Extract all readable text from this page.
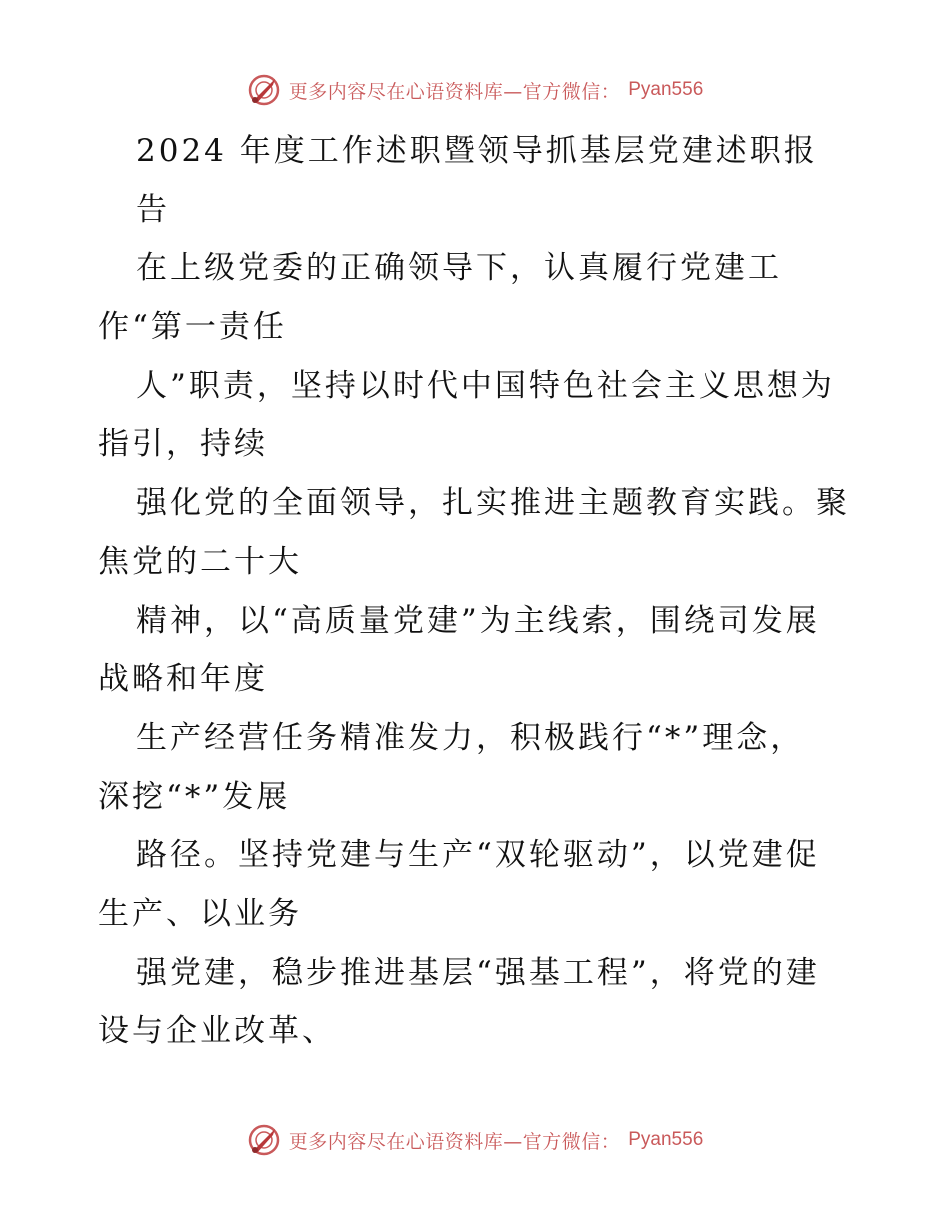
更多内容尽在心语资料库—官方微信： Pyan556
2024 年度工作述职暨领导抓基层党建述职报
告
在上级党委的正确领导下，认真履行党建工
作“第一责任
人”职责，坚持以时代中国特色社会主义思想为
指引，持续
强化党的全面领导，扎实推进主题教育实践。聚
焦党的二十大
精神，以“高质量党建”为主线索，围绕司发展
战略和年度
生产经营任务精准发力，积极践行“*”理念，
深挖“*”发展
路径。坚持党建与生产“双轮驱动”，以党建促
生产、以业务
强党建，稳步推进基层“强基工程”，将党的建
设与企业改革、
更多内容尽在心语资料库—官方微信： Pyan556
